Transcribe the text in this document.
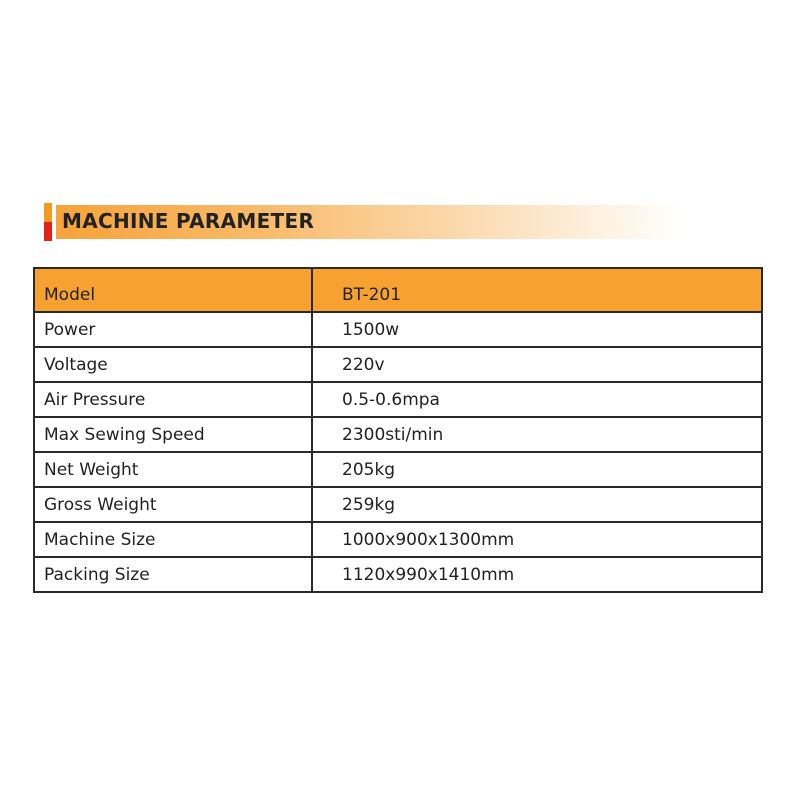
MACHINE PARAMETER
Model	BT-201
Power	1500w
Voltage	220v
Air Pressure	0.5-0.6mpa
Max Sewing Speed	2300sti/min
Net Weight	205kg
Gross Weight	259kg
Machine Size	1000x900x1300mm
Packing Size	1120x990x1410mm
